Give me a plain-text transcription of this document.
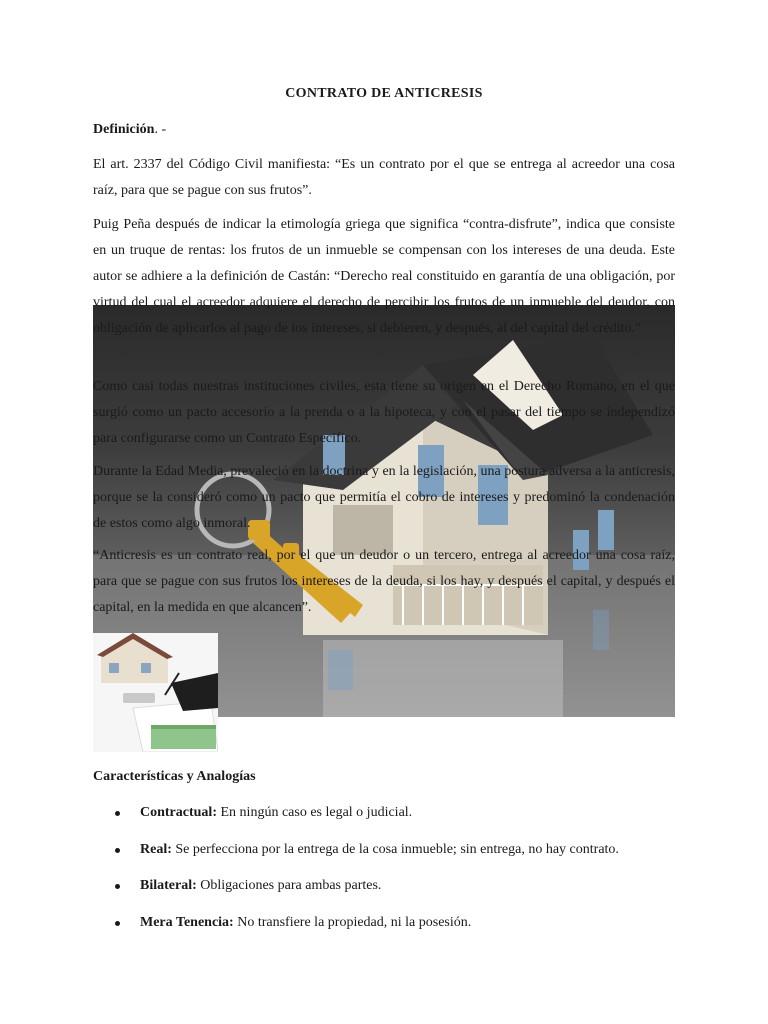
CONTRATO DE ANTICRESIS
Definición. -
El art. 2337 del Código Civil manifiesta: “Es un contrato por el que se entrega al acreedor una cosa raíz, para que se pague con sus frutos”.
Puig Peña después de indicar la etimología griega que significa “contra-disfrute”, indica que consiste en un truque de rentas: los frutos de un inmueble se compensan con los intereses de una deuda. Este autor se adhiere a la definición de Castán: “Derecho real constituido en garantía de una obligación, por virtud del cual el acreedor adquiere el derecho de percibir los frutos de un inmueble del deudor, con obligación de aplicarlos al pago de los intereses, si debieren, y después, al del capital del crédito.”
Como casi todas nuestras instituciones civiles, esta tiene su origen en el Derecho Romano, en el que surgió como un pacto accesorio a la prenda o a la hipoteca, y con el pasar del tiempo se independizó para configurarse como un Contrato Especifico.
Durante la Edad Media, prevaleció en la doctrina y en la legislación, una postura adversa a la anticresis, porque se la consideró como un pacto que permitía el cobro de intereses y predominó la condenación de estos como algo inmoral.
“Anticresis es un contrato real, por el que un deudor o un tercero, entrega al acreedor una cosa raíz, para que se pague con sus frutos los intereses de la deuda, si los hay, y después el capital, y después el capital, en la medida en que alcancen”.
Características y Analogías
Contractual: En ningún caso es legal o judicial.
Real: Se perfecciona por la entrega de la cosa inmueble; sin entrega, no hay contrato.
Bilateral: Obligaciones para ambas partes.
Mera Tenencia: No transfiere la propiedad, ni la posesión.
